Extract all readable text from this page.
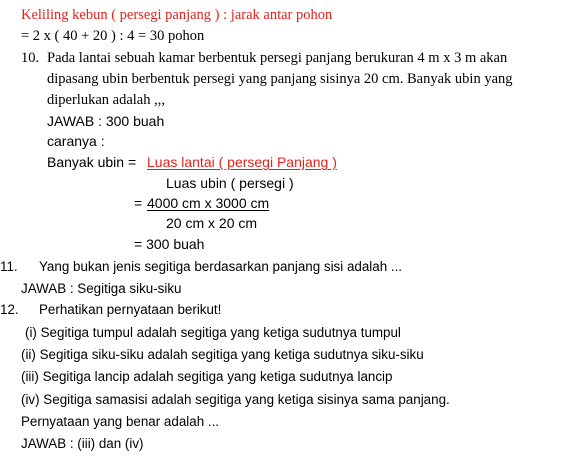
Keliling kebun ( persegi panjang ) : jarak antar pohon
= 2 x ( 40 + 20 ) : 4 = 30 pohon
10. Pada lantai sebuah kamar berbentuk persegi panjang berukuran 4 m x 3 m akan
dipasang ubin berbentuk persegi yang panjang sisinya 20 cm. Banyak ubin yang
diperlukan adalah ,,,
JAWAB : 300 buah
caranya :
Banyak ubin = Luas lantai ( persegi Panjang )
Luas ubin ( persegi )
= 4000 cm x 3000 cm
20 cm x 20 cm
= 300 buah
11. Yang bukan jenis segitiga berdasarkan panjang sisi adalah ...
JAWAB : Segitiga siku-siku
12. Perhatikan pernyataan berikut!
(i) Segitiga tumpul adalah segitiga yang ketiga sudutnya tumpul
(ii) Segitiga siku-siku adalah segitiga yang ketiga sudutnya siku-siku
(iii) Segitiga lancip adalah segitiga yang ketiga sudutnya lancip
(iv) Segitiga samasisi adalah segitiga yang ketiga sisinya sama panjang.
Pernyataan yang benar adalah ...
JAWAB : (iii) dan (iv)
